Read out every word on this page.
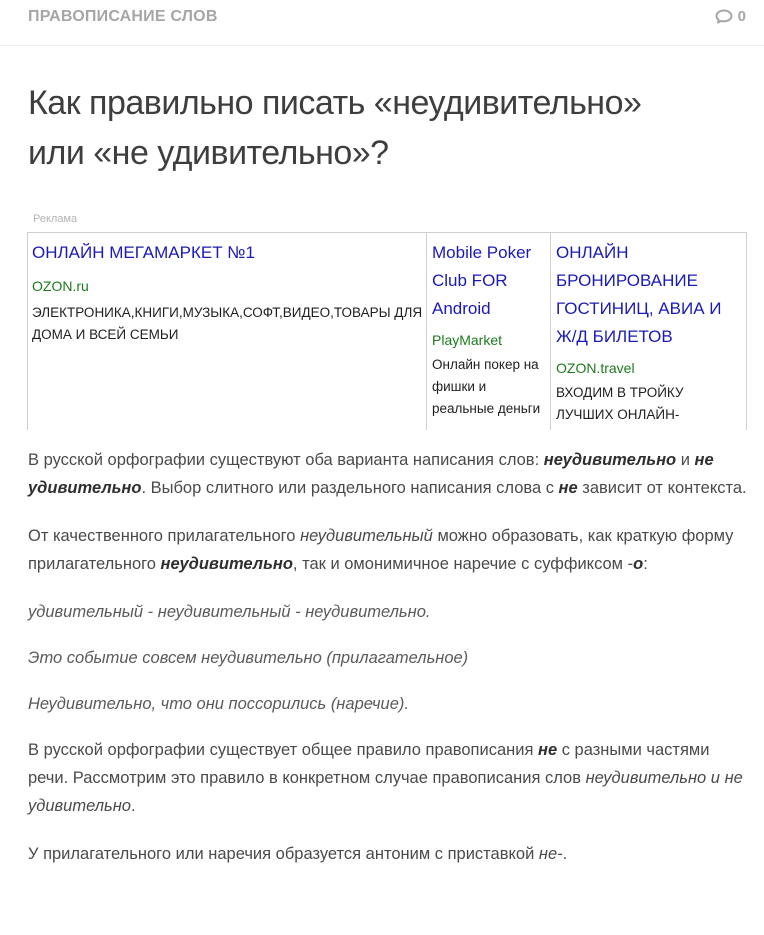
ПРАВОПИСАНИЕ СЛОВ	0
Как правильно писать «неудивительно»
или «не удивительно»?
Реклама
ОНЛАЙН МЕГАМАРКЕТ №1
OZON.ru
ЭЛЕКТРОНИКА,КНИГИ,МУЗЫКА,СОФТ,ВИДЕО,ТОВАРЫ ДЛЯ ДОМА И ВСЕЙ СЕМЬИ
Mobile Poker Club FOR Android
PlayMarket
Онлайн покер на фишки и реальные деньги
ОНЛАЙН БРОНИРОВАНИЕ ГОСТИНИЦ, АВИА И Ж/Д БИЛЕТОВ
OZON.travel
ВХОДИМ В ТРОЙКУ ЛУЧШИХ ОНЛАЙН-

В русской орфографии существуют оба варианта написания слов: неудивительно и не удивительно. Выбор слитного или раздельного написания слова с не зависит от контекста.

От качественного прилагательного неудивительный можно образовать, как краткую форму прилагательного неудивительно, так и омонимичное наречие с суффиксом -о:

удивительный - неудивительный - неудивительно.

Это событие совсем неудивительно (прилагательное)

Неудивительно, что они поссорились (наречие).

В русской орфографии существует общее правило правописания не с разными частями речи. Рассмотрим это правило в конкретном случае правописания слов неудивительно и не удивительно.

У прилагательного или наречия образуется антоним с приставкой не-.
